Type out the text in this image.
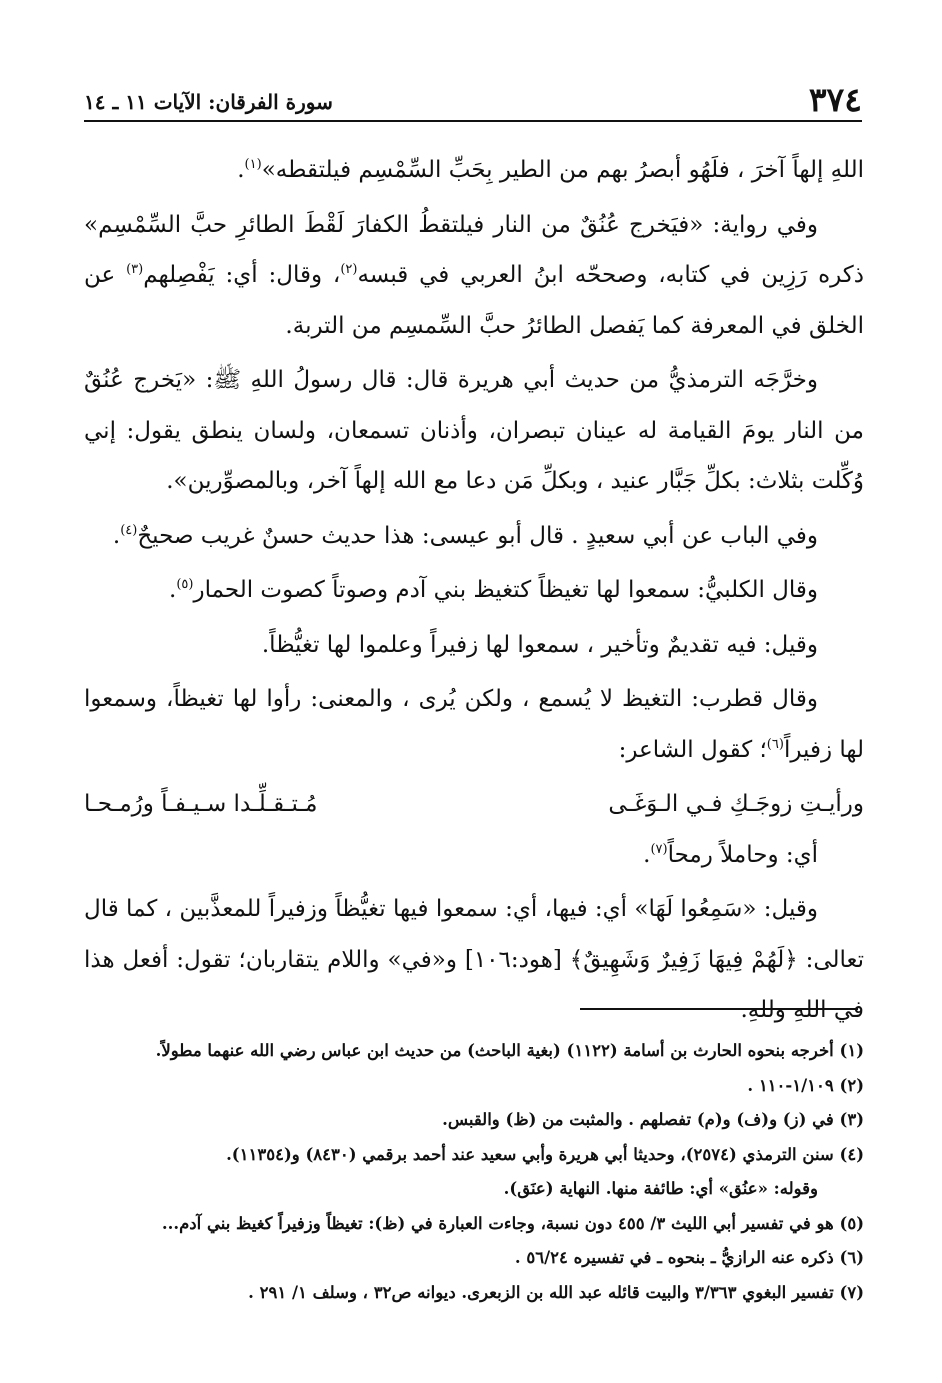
٣٧٤
سورة الفرقان: الآيات ١١ ـ ١٤

اللهِ إلهاً آخرَ ، فلَهُو أبصرُ بهم من الطير بِحَبِّ السِّمْسِم فيلتقطه»$^{(١)}$.

وفي رواية: «فيَخرج عُنُقٌ من النار فيلتقطُ الكفارَ لَقْطَ الطائرِ حبَّ السِّمْسِم» ذكره رَزِين في كتابه، وصححّه ابنُ العربي في قبسه$^{(٢)}$، وقال: أي: يَفْصِلهم$^{(٣)}$ عن الخلق في المعرفة كما يَفصل الطائرُ حبَّ السِّمسِم من التربة.

وخرَّجَه الترمذيُّ من حديث أبي هريرة قال: قال رسولُ اللهِ ﷺ: «يَخرج عُنُقٌ من النار يومَ القيامة له عينان تبصران، وأذنان تسمعان، ولسان ينطق يقول: إني وُكِّلت بثلاث: بكلِّ جَبَّار عنيد ، وبكلِّ مَن دعا مع الله إلهاً آخر، وبالمصوِّرين».

وفي الباب عن أبي سعيدٍ . قال أبو عيسى: هذا حديث حسنٌ غريب صحيحٌ$^{(٤)}$.

وقال الكلبيُّ: سمعوا لها تغيظاً كتغيظ بني آدم وصوتاً كصوت الحمار$^{(٥)}$.

وقيل: فيه تقديمٌ وتأخير ، سمعوا لها زفيراً وعلموا لها تغيُّظاً.

وقال قطرب: التغيظ لا يُسمع ، ولكن يُرى ، والمعنى: رأوا لها تغيظاً، وسمعوا لها زفيراً$^{(٦)}$؛ كقول الشاعر:

ورأيـتِ زوجَـكِ فـي الـوَغَـى
مُـتـقـلِّـدا سـيـفـاً ورُمـحـا

أي: وحاملاً رمحاً$^{(٧)}$.

وقيل: «سَمِعُوا لَهَا» أي: فيها، أي: سمعوا فيها تغيُّظاً وزفيراً للمعذَّبين ، كما قال تعالى: ﴿لَهُمْ فِيهَا زَفِيرٌ وَشَهِيقٌ﴾ [هود:١٠٦] و«في» واللام يتقاربان؛ تقول: أفعل هذا في اللهِ وللهِ.

(١) أخرجه بنحوه الحارث بن أسامة (١١٢٢) (بغية الباحث) من حديث ابن عباس رضي الله عنهما مطولاً.

(٢) ١/١٠٩-١١٠ .

(٣) في (ز) و(ف) و(م) تفصلهم . والمثبت من (ظ) والقبس.

(٤) سنن الترمذي (٢٥٧٤)، وحديثا أبي هريرة وأبي سعيد عند أحمد برقمي (٨٤٣٠) و(١١٣٥٤).

وقوله: «عنُق» أي: طائفة منها. النهاية (عنَق).

(٥) هو في تفسير أبي الليث ٣/ ٤٥٥ دون نسبة، وجاءت العبارة في (ظ): تغيظاً وزفيراً كغيظ بني آدم...

(٦) ذكره عنه الرازيُّ ـ بنحوه ـ في تفسيره ٥٦/٢٤ .

(٧) تفسير البغوي ٣/٣٦٣ والبيت قائله عبد الله بن الزبعرى. ديوانه ص٣٢ ، وسلف ١/ ٢٩١ .
